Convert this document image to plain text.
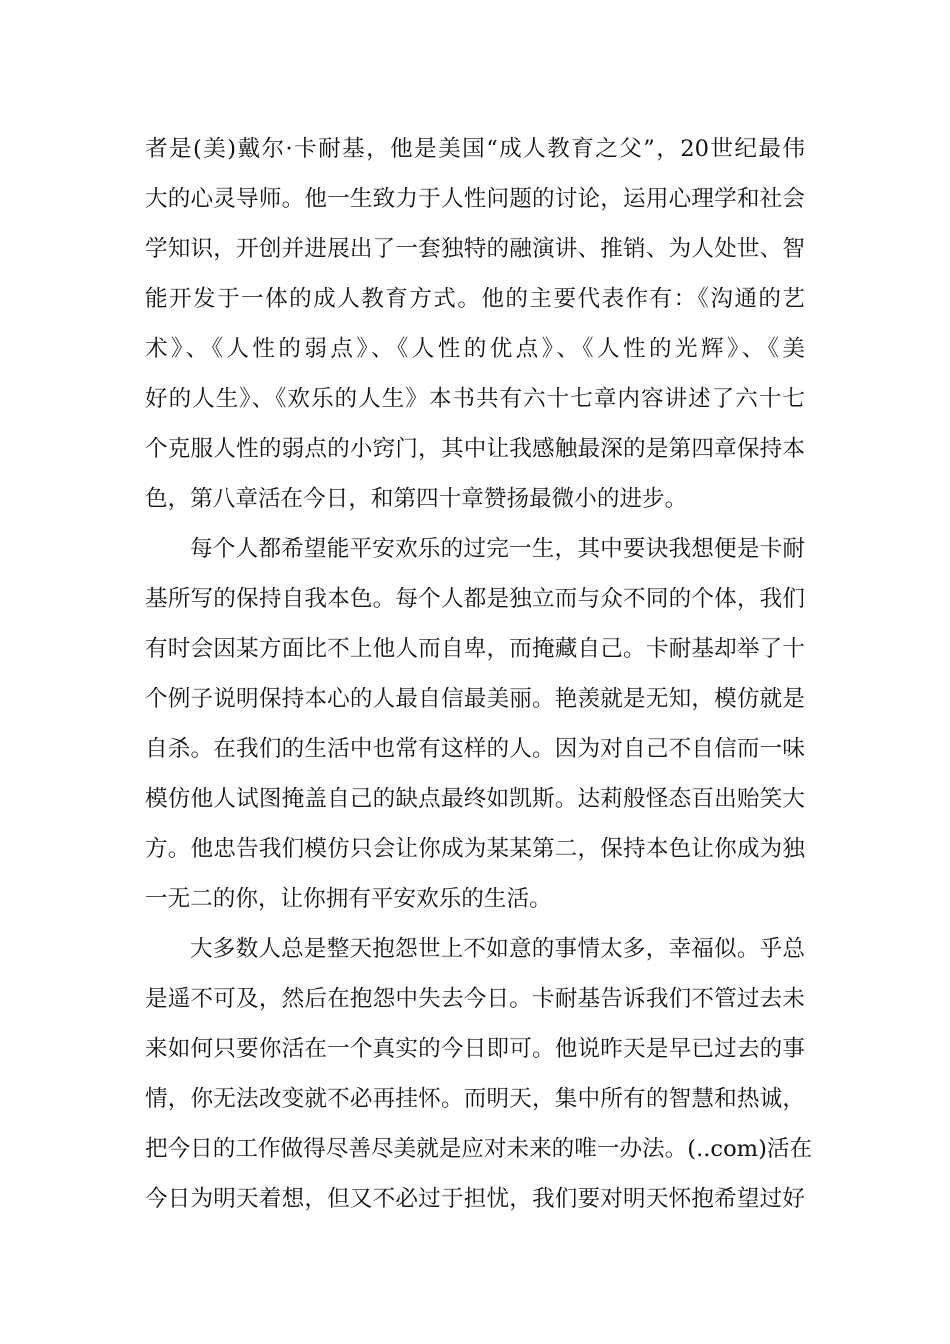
者是(美)戴尔·卡耐基，他是美国“成人教育之父”，20世纪最伟
大的心灵导师。他一生致力于人性问题的讨论，运用心理学和社会
学知识，开创并进展出了一套独特的融演讲、推销、为人处世、智
能开发于一体的成人教育方式。他的主要代表作有：《沟通的艺
术》、《人性的弱点》、《人性的优点》、《人性的光辉》、《美
好的人生》、《欢乐的人生》本书共有六十七章内容讲述了六十七
个克服人性的弱点的小窍门，其中让我感触最深的是第四章保持本
色，第八章活在今日，和第四十章赞扬最微小的进步。
每个人都希望能平安欢乐的过完一生，其中要诀我想便是卡耐
基所写的保持自我本色。每个人都是独立而与众不同的个体，我们
有时会因某方面比不上他人而自卑，而掩藏自己。卡耐基却举了十
个例子说明保持本心的人最自信最美丽。艳羡就是无知，模仿就是
自杀。在我们的生活中也常有这样的人。因为对自己不自信而一味
模仿他人试图掩盖自己的缺点最终如凯斯。达莉般怪态百出贻笑大
方。他忠告我们模仿只会让你成为某某第二，保持本色让你成为独
一无二的你，让你拥有平安欢乐的生活。
大多数人总是整天抱怨世上不如意的事情太多，幸福似。乎总
是遥不可及，然后在抱怨中失去今日。卡耐基告诉我们不管过去未
来如何只要你活在一个真实的今日即可。他说昨天是早已过去的事
情，你无法改变就不必再挂怀。而明天，集中所有的智慧和热诚，
把今日的工作做得尽善尽美就是应对未来的唯一办法。(..com)活在
今日为明天着想，但又不必过于担忧，我们要对明天怀抱希望过好
